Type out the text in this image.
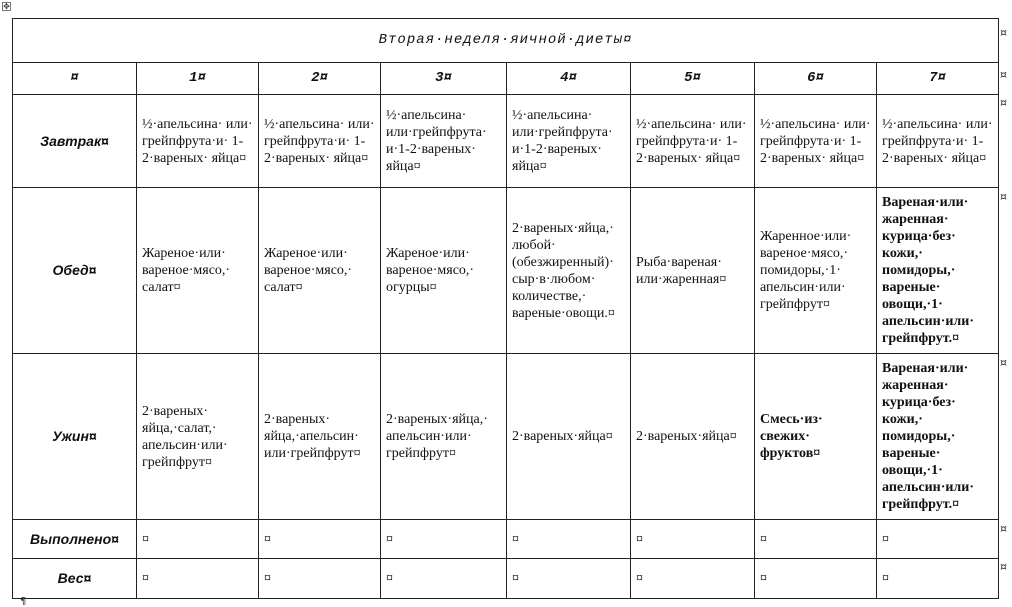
✥
Вторая·неделя·яичной·диеты¤							
¤	1¤	2¤	3¤	4¤	5¤	6¤	7¤
Завтрак¤	½·апельсина· или· грейпфрута·и· 1-2·вареных· яйца¤	½·апельсина· или· грейпфрута·и· 1-2·вареных· яйца¤	½·апельсина· или·грейпфрута· и·1-2·вареных· яйца¤	½·апельсина· или·грейпфрута· и·1-2·вареных· яйца¤	½·апельсина· или· грейпфрута·и· 1-2·вареных· яйца¤	½·апельсина· или· грейпфрута·и· 1-2·вареных· яйца¤	½·апельсина· или· грейпфрута·и· 1-2·вареных· яйца¤
Обед¤	Жареное·или· вареное·мясо,· салат¤	Жареное·или· вареное·мясо,· салат¤	Жареное·или· вареное·мясо,· огурцы¤	2·вареных·яйца,· любой· (обезжиренный)· сыр·в·любом· количестве,· вареные·овощи.¤	Рыба·вареная· или·жаренная¤	Жаренное·или· вареное·мясо,· помидоры,·1· апельсин·или· грейпфрут¤	Вареная·или· жаренная· курица·без· кожи,· помидоры,· вареные· овощи,·1· апельсин·или· грейпфрут.¤
Ужин¤	2·вареных· яйца,·салат,· апельсин·или· грейпфрут¤	2·вареных· яйца,·апельсин· или·грейпфрут¤	2·вареных·яйца,· апельсин·или· грейпфрут¤	2·вареных·яйца¤	2·вареных·яйца¤	Смесь·из· свежих· фруктов¤	Вареная·или· жаренная· курица·без· кожи,· помидоры,· вареные· овощи,·1· апельсин·или· грейпфрут.¤
Выполнено¤	¤	¤	¤	¤	¤	¤	¤
Вес¤	¤	¤	¤	¤	¤	¤	¤
¤
¤
¤
¤
¤
¤
¤
¶
